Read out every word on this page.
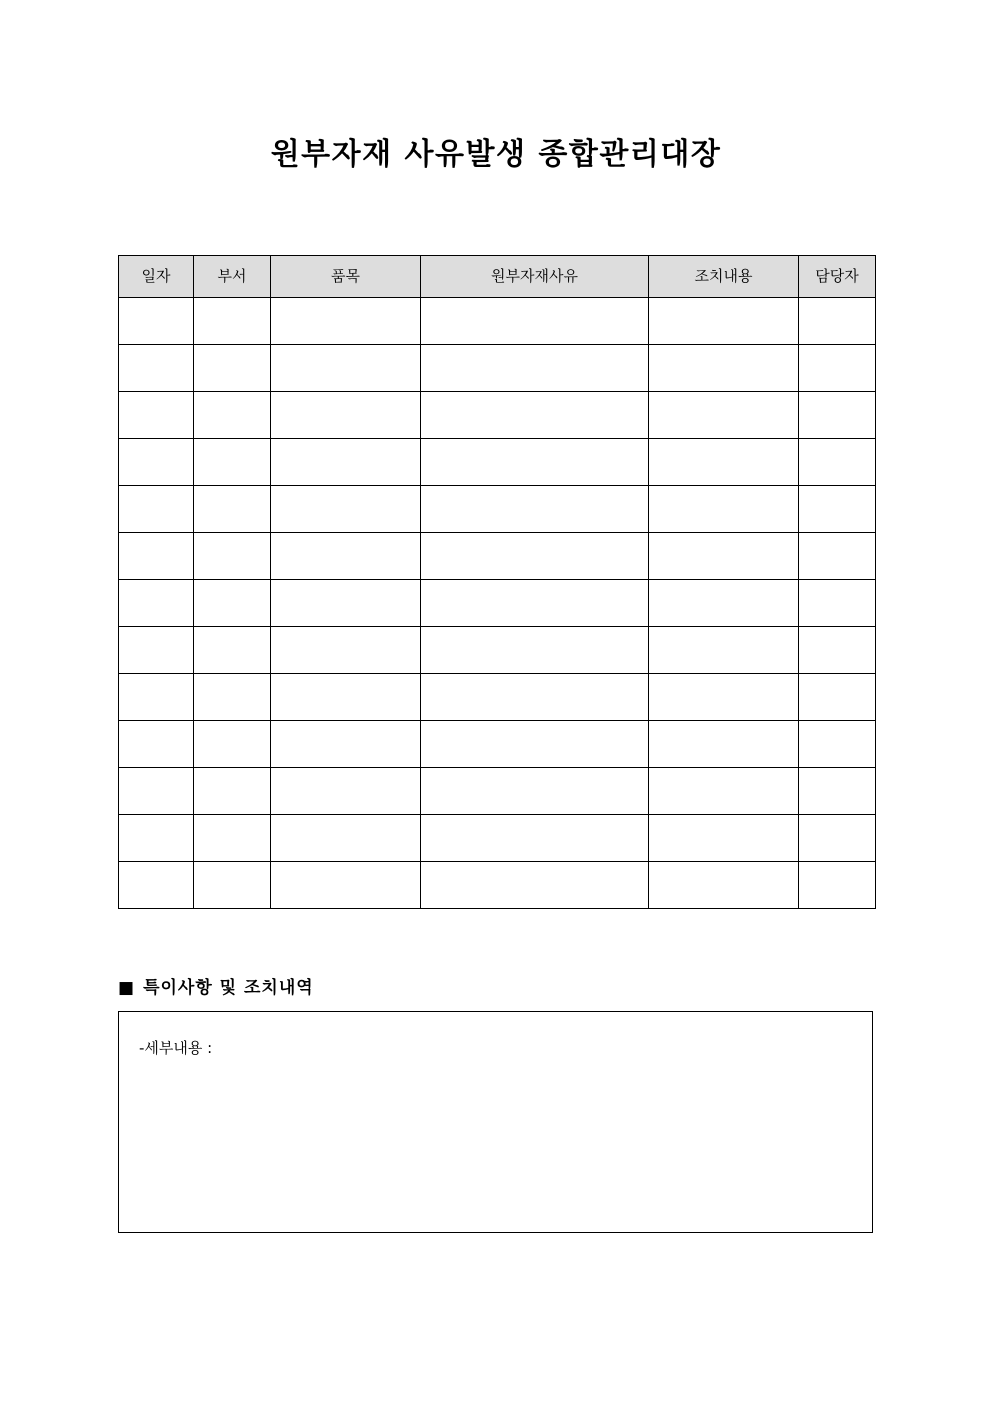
원부자재 사유발생 종합관리대장
일자	부서	품목	원부자재사유	조치내용	담당자

■ 특이사항 및 조치내역
-세부내용 :
